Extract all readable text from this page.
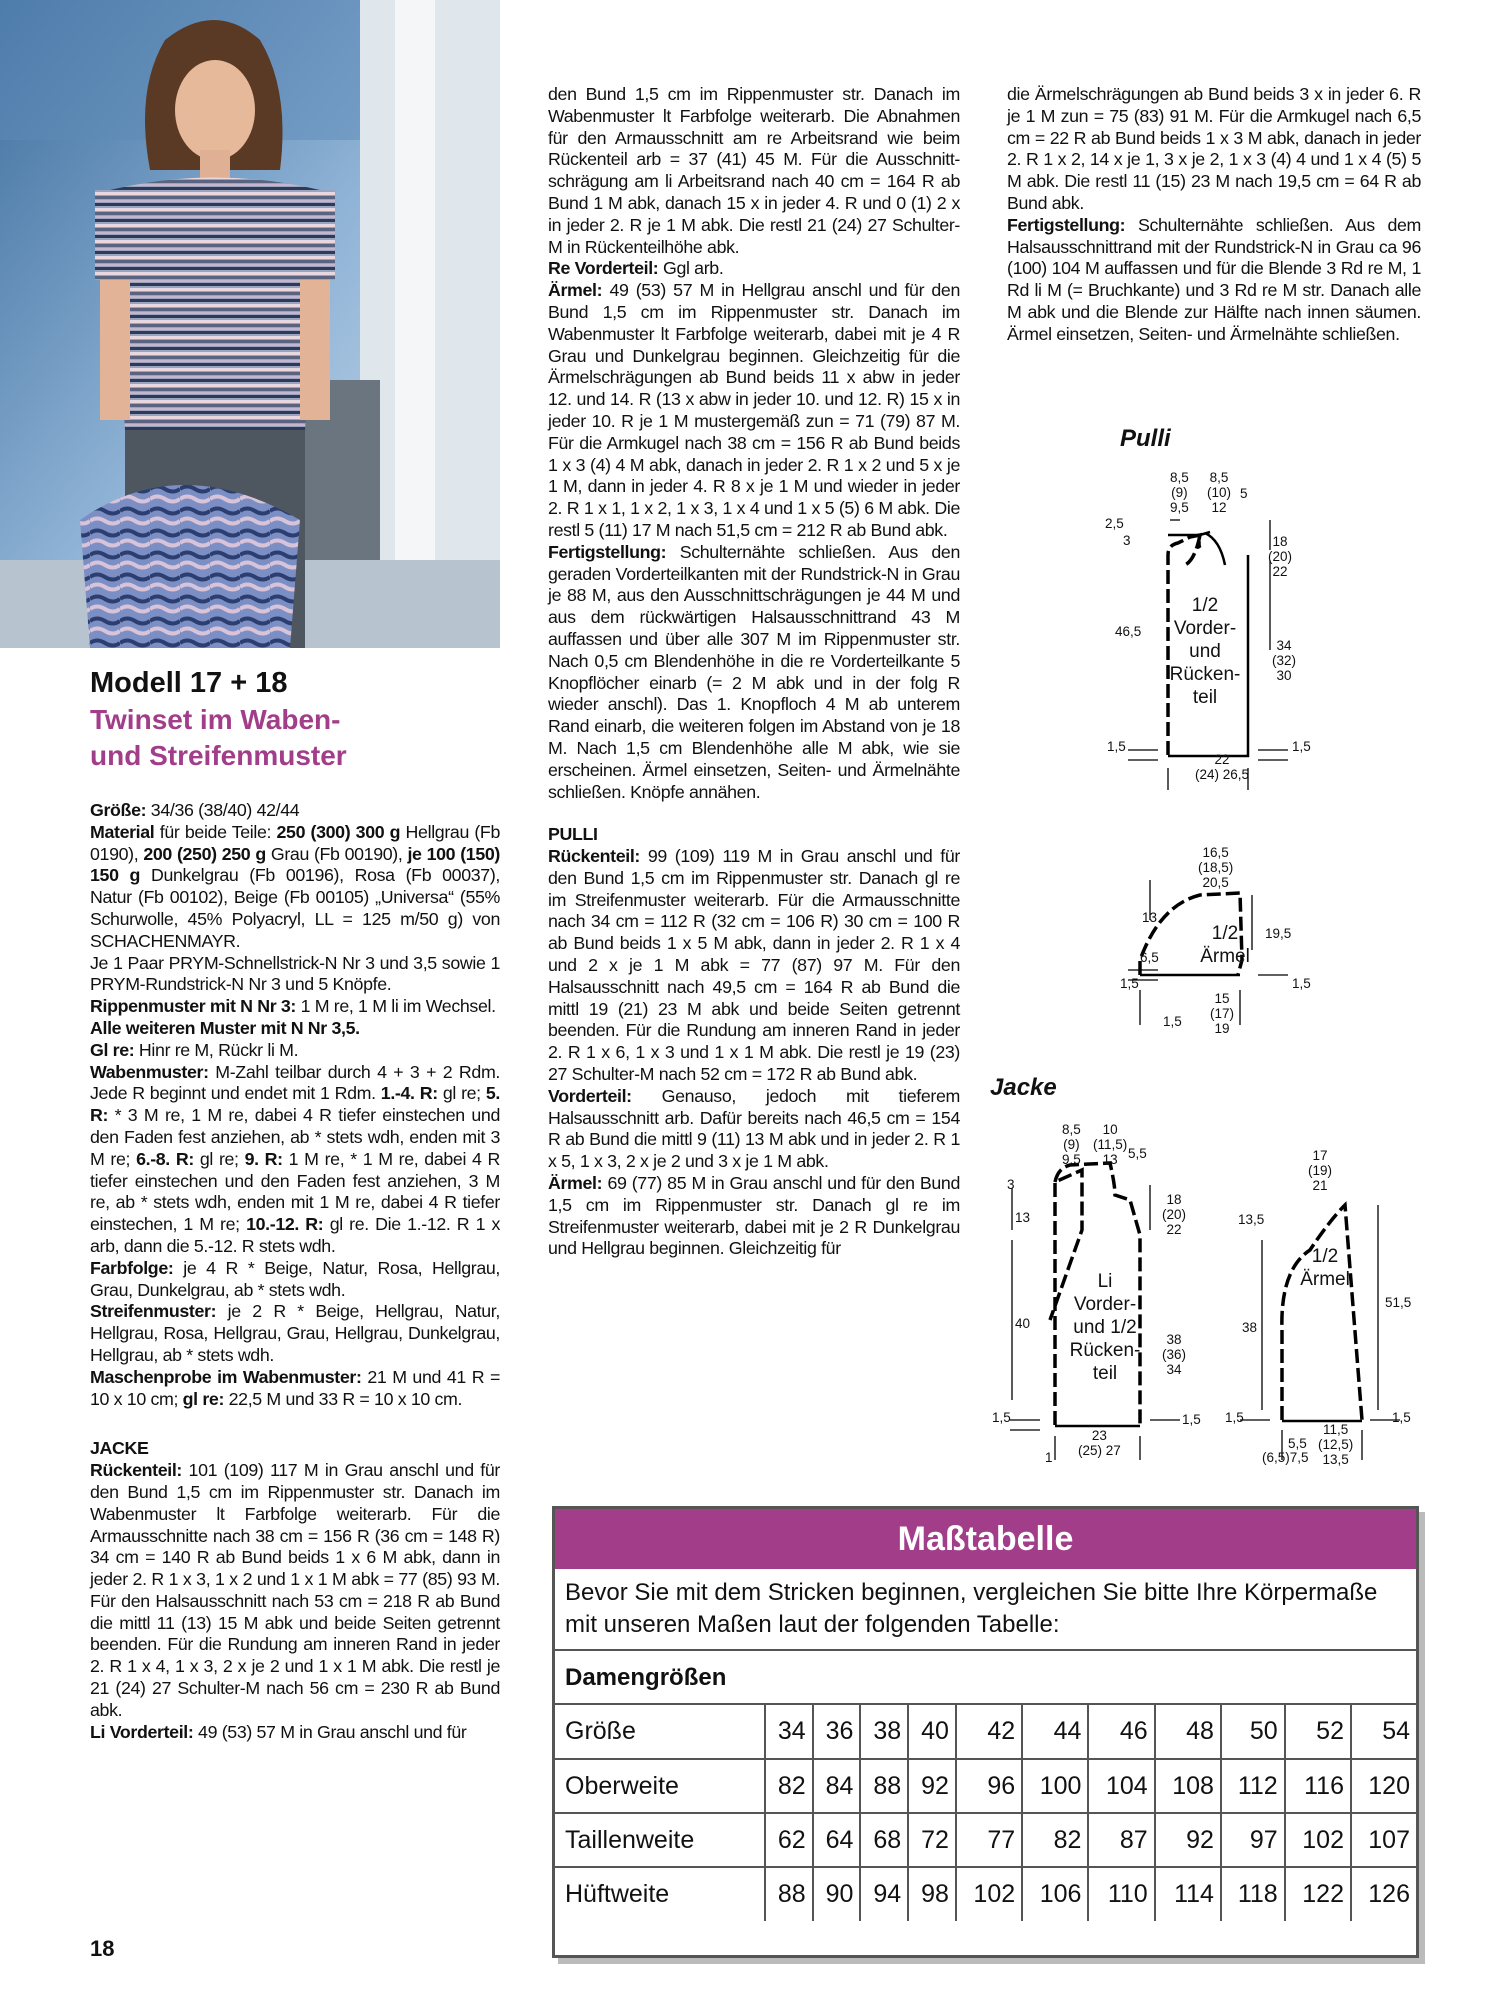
Modell 17 + 18
Twinset im Waben-
und Streifenmuster

Größe: 34/36 (38/40) 42/44

Material für beide Teile: 250 (300) 300 g Hellgrau (Fb 0190), 200 (250) 250 g Grau (Fb 00190), je 100 (150) 150 g Dunkelgrau (Fb 00196), Rosa (Fb 00037), Natur (Fb 00102), Beige (Fb 00105) „Universa“ (55% Schurwolle, 45% Polyacryl, LL = 125 m/50 g) von SCHACHENMAYR.

Je 1 Paar PRYM-Schnellstrick-N Nr 3 und 3,5 sowie 1 PRYM-Rundstrick-N Nr 3 und 5 Knöpfe.

Rippenmuster mit N Nr 3: 1 M re, 1 M li im Wechsel.

Alle weiteren Muster mit N Nr 3,5.

Gl re: Hinr re M, Rückr li M.

Wabenmuster: M-Zahl teilbar durch 4 + 3 + 2 Rdm. Jede R beginnt und endet mit 1 Rdm. 1.-4. R: gl re; 5. R: * 3 M re, 1 M re, dabei 4 R tiefer einstechen und den Faden fest anziehen, ab * stets wdh, enden mit 3 M re; 6.-8. R: gl re; 9. R: 1 M re, * 1 M re, dabei 4 R tiefer einstechen und den Faden fest anziehen, 3 M re, ab * stets wdh, enden mit 1 M re, dabei 4 R tiefer einstechen, 1 M re; 10.-12. R: gl re. Die 1.-12. R 1 x arb, dann die 5.-12. R stets wdh.

Farbfolge: je 4 R * Beige, Natur, Rosa, Hellgrau, Grau, Dunkelgrau, ab * stets wdh.

Streifenmuster: je 2 R * Beige, Hellgrau, Natur, Hellgrau, Rosa, Hellgrau, Grau, Hellgrau, Dunkelgrau, Hellgrau, ab * stets wdh.

Maschenprobe im Wabenmuster: 21 M und 41 R = 10 x 10 cm; gl re: 22,5 M und 33 R = 10 x 10 cm.

JACKE

Rückenteil: 101 (109) 117 M in Grau anschl und für den Bund 1,5 cm im Rippenmuster str. Danach im Wabenmuster lt Farbfolge weiterarb. Für die Armausschnitte nach 38 cm = 156 R (36 cm = 148 R) 34 cm = 140 R ab Bund beids 1 x 6 M abk, dann in jeder 2. R 1 x 3, 1 x 2 und 1 x 1 M abk = 77 (85) 93 M. Für den Halsausschnitt nach 53 cm = 218 R ab Bund die mittl 11 (13) 15 M abk und beide Seiten getrennt beenden. Für die Rundung am inneren Rand in jeder 2. R 1 x 4, 1 x 3, 2 x je 2 und 1 x 1 M abk. Die restl je 21 (24) 27 Schulter-M nach 56 cm = 230 R ab Bund abk.

Li Vorderteil: 49 (53) 57 M in Grau anschl und für

den Bund 1,5 cm im Rippenmuster str. Danach im Wabenmuster lt Farbfolge weiterarb. Die Abnahmen für den Armausschnitt am re Arbeitsrand wie beim Rückenteil arb = 37 (41) 45 M. Für die Ausschnitt-schrägung am li Arbeitsrand nach 40 cm = 164 R ab Bund 1 M abk, danach 15 x in jeder 4. R und 0 (1) 2 x in jeder 2. R je 1 M abk. Die restl 21 (24) 27 Schulter-M in Rückenteilhöhe abk.

Re Vorderteil: Ggl arb.

Ärmel: 49 (53) 57 M in Hellgrau anschl und für den Bund 1,5 cm im Rippenmuster str. Danach im Wabenmuster lt Farbfolge weiterarb, dabei mit je 4 R Grau und Dunkelgrau beginnen. Gleichzeitig für die Ärmelschrägungen ab Bund beids 11 x abw in jeder 12. und 14. R (13 x abw in jeder 10. und 12. R) 15 x in jeder 10. R je 1 M mustergemäß zun = 71 (79) 87 M. Für die Armkugel nach 38 cm = 156 R ab Bund beids 1 x 3 (4) 4 M abk, danach in jeder 2. R 1 x 2 und 5 x je 1 M, dann in jeder 4. R 8 x je 1 M und wieder in jeder 2. R 1 x 1, 1 x 2, 1 x 3, 1 x 4 und 1 x 5 (5) 6 M abk. Die restl 5 (11) 17 M nach 51,5 cm = 212 R ab Bund abk.

Fertigstellung: Schulternähte schließen. Aus den geraden Vorderteilkanten mit der Rundstrick-N in Grau je 88 M, aus den Ausschnittschrägungen je 44 M und aus dem rückwärtigen Halsausschnittrand 43 M auffassen und über alle 307 M im Rippenmuster str. Nach 0,5 cm Blendenhöhe in die re Vorderteilkante 5 Knopflöcher einarb (= 2 M abk und in der folg R wieder anschl). Das 1. Knopfloch 4 M ab unterem Rand einarb, die weiteren folgen im Abstand von je 18 M. Nach 1,5 cm Blendenhöhe alle M abk, wie sie erscheinen. Ärmel einsetzen, Seiten- und Ärmelnähte schließen. Knöpfe annähen.

PULLI

Rückenteil: 99 (109) 119 M in Grau anschl und für den Bund 1,5 cm im Rippenmuster str. Danach gl re im Streifenmuster weiterarb. Für die Armausschnitte nach 34 cm = 112 R (32 cm = 106 R) 30 cm = 100 R ab Bund beids 1 x 5 M abk, dann in jeder 2. R 1 x 4 und 2 x je 1 M abk = 77 (87) 97 M. Für den Halsausschnitt nach 49,5 cm = 164 R ab Bund die mittl 19 (21) 23 M abk und beide Seiten getrennt beenden. Für die Rundung am inneren Rand in jeder 2. R 1 x 6, 1 x 3 und 1 x 1 M abk. Die restl je 19 (23) 27 Schulter-M nach 52 cm = 172 R ab Bund abk.

Vorderteil: Genauso, jedoch mit tieferem Halsausschnitt arb. Dafür bereits nach 46,5 cm = 154 R ab Bund die mittl 9 (11) 13 M abk und in jeder 2. R 1 x 5, 1 x 3, 2 x je 2 und 3 x je 1 M abk.

Ärmel: 69 (77) 85 M in Grau anschl und für den Bund 1,5 cm im Rippenmuster str. Danach gl re im Streifenmuster weiterarb, dabei mit je 2 R Dunkelgrau und Hellgrau beginnen. Gleichzeitig für

die Ärmelschrägungen ab Bund beids 3 x in jeder 6. R je 1 M zun = 75 (83) 91 M. Für die Armkugel nach 6,5 cm = 22 R ab Bund beids 1 x 3 M abk, danach in jeder 2. R 1 x 2, 14 x je 1, 3 x je 2, 1 x 3 (4) 4 und 1 x 4 (5) 5 M abk. Die restl 11 (15) 23 M nach 19,5 cm = 64 R ab Bund abk.

Fertigstellung: Schulternähte schließen. Aus dem Halsausschnittrand mit der Rundstrick-N in Grau ca 96 (100) 104 M auffassen und für die Blende 3 Rd re M, 1 Rd li M (= Bruchkante) und 3 Rd re M str. Danach alle M abk und die Blende zur Hälfte nach innen säumen. Ärmel einsetzen, Seiten- und Ärmelnähte schließen.

Pulli
Jacke
1/2
Vorder-
und
Rücken-
teil
8,5
(9)
9,5
8,5
(10)
12
5
2,5
3	18
(20)
22
46,5
34
(32)
30
1,5	1,5
22
(24) 26,5
1/2
Ärmel
16,5
(18,5)
20,5
13
19,5
6,5
1,5	1,5
15
(17)
19
1,5
Li
Vorder-
und 1/2
Rücken-
teil
8,5
(9)
9,5
10
(11,5)
13 5,5
3
13
18
(20)
22
40
38
(36)
34
1,5	1,5
1
23
(25) 27
1/2
Ärmel
17
(19)
21
13,5
38
51,5
1,5	1,5
11,5
(12,5)
13,5
5,5
(6,5)7,5
Maßtabelle
Bevor Sie mit dem Stricken beginnen, vergleichen Sie bitte Ihre Körpermaße mit unseren Maßen laut der folgenden Tabelle:
Damengrößen
Größe	34	36	38	40	42	44	46	48	50	52	54
Oberweite	82	84	88	92	96	100	104	108	112	116	120
Taillenweite	62	64	68	72	77	82	87	92	97	102	107
Hüftweite	88	90	94	98	102	106	110	114	118	122	126
18
